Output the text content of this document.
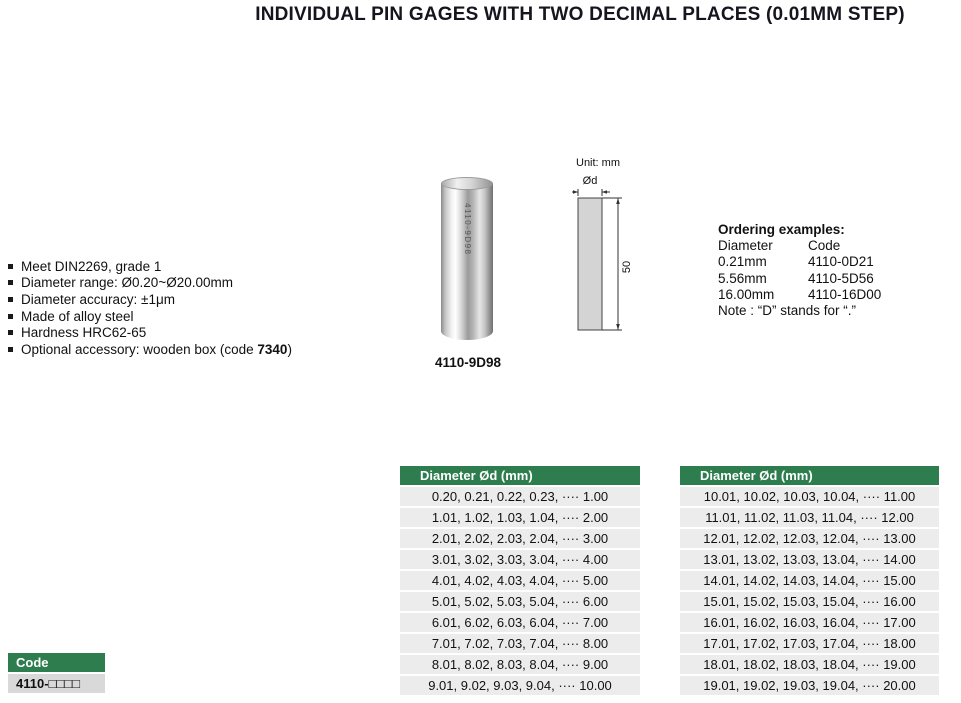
INDIVIDUAL PIN GAGES WITH TWO DECIMAL PLACES (0.01MM STEP)
Meet DIN2269, grade 1
Diameter range: Ø0.20~Ø20.00mm
Diameter accuracy: ±1μm
Made of alloy steel
Hardness HRC62-65
Optional accessory: wooden box (code 7340)
4110-9D98
4110-9D98
Unit: mm
Ød
50
Ordering examples:
Diameter	Code
0.21mm	4110-0D21
5.56mm	4110-5D56
16.00mm	4110-16D00
Note : “D” stands for “.”
Diameter Ød (mm)
0.20, 0.21, 0.22, 0.23, ···· 1.00
1.01, 1.02, 1.03, 1.04, ···· 2.00
2.01, 2.02, 2.03, 2.04, ···· 3.00
3.01, 3.02, 3.03, 3.04, ···· 4.00
4.01, 4.02, 4.03, 4.04, ···· 5.00
5.01, 5.02, 5.03, 5.04, ···· 6.00
6.01, 6.02, 6.03, 6.04, ···· 7.00
7.01, 7.02, 7.03, 7.04, ···· 8.00
8.01, 8.02, 8.03, 8.04, ···· 9.00
9.01, 9.02, 9.03, 9.04, ···· 10.00
Diameter Ød (mm)
10.01, 10.02, 10.03, 10.04, ···· 11.00
11.01, 11.02, 11.03, 11.04, ···· 12.00
12.01, 12.02, 12.03, 12.04, ···· 13.00
13.01, 13.02, 13.03, 13.04, ···· 14.00
14.01, 14.02, 14.03, 14.04, ···· 15.00
15.01, 15.02, 15.03, 15.04, ···· 16.00
16.01, 16.02, 16.03, 16.04, ···· 17.00
17.01, 17.02, 17.03, 17.04, ···· 18.00
18.01, 18.02, 18.03, 18.04, ···· 19.00
19.01, 19.02, 19.03, 19.04, ···· 20.00
Code
4110-□□□□
